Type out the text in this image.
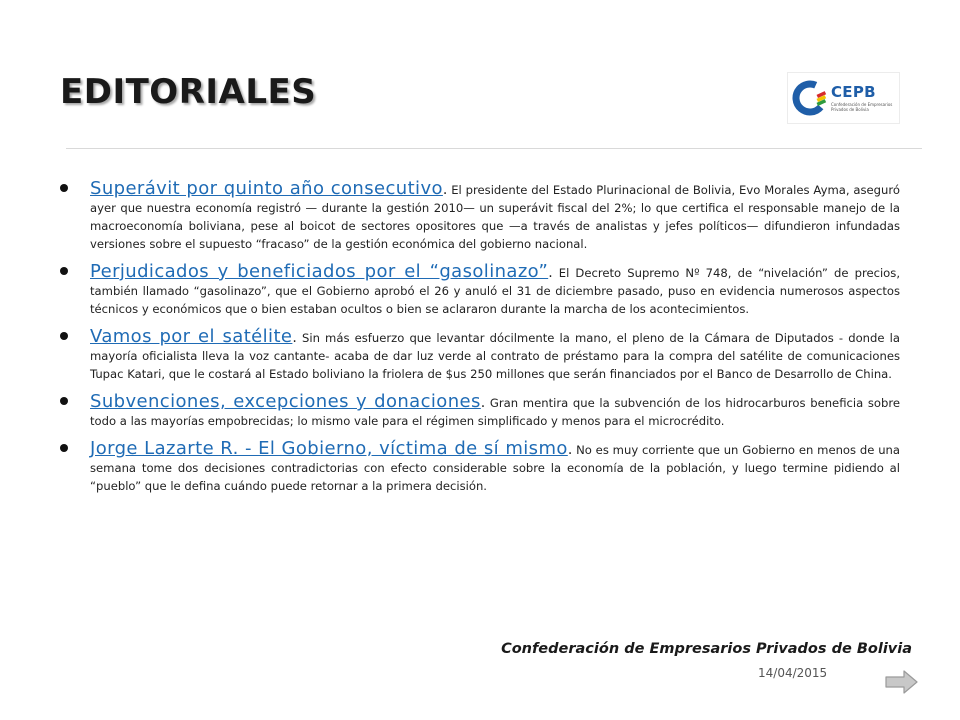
EDITORIALES	CEPB
Confederación de Empresarios Privados de Bolivia
Superávit por quinto año consecutivo. El presidente del Estado Plurinacional de Bolivia, Evo Morales Ayma, aseguró ayer que nuestra economía registró — durante la gestión 2010— un superávit fiscal del 2%; lo que certifica el responsable manejo de la macroeconomía boliviana, pese al boicot de sectores opositores que —a través de analistas y jefes políticos— difundieron infundadas versiones sobre el supuesto “fracaso” de la gestión económica del gobierno nacional.
Perjudicados y beneficiados por el “gasolinazo”. El Decreto Supremo Nº 748, de “nivelación” de precios, también llamado “gasolinazo”, que el Gobierno aprobó el 26 y anuló el 31 de diciembre pasado, puso en evidencia numerosos aspectos técnicos y económicos que o bien estaban ocultos o bien se aclararon durante la marcha de los acontecimientos.
Vamos por el satélite. Sin más esfuerzo que levantar dócilmente la mano, el pleno de la Cámara de Diputados - donde la mayoría oficialista lleva la voz cantante- acaba de dar luz verde al contrato de préstamo para la compra del satélite de comunicaciones Tupac Katari, que le costará al Estado boliviano la friolera de $us 250 millones que serán financiados por el Banco de Desarrollo de China.
Subvenciones, excepciones y donaciones. Gran mentira que la subvención de los hidrocarburos beneficia sobre todo a las mayorías empobrecidas; lo mismo vale para el régimen simplificado y menos para el microcrédito.
Jorge Lazarte R. - El Gobierno, víctima de sí mismo. No es muy corriente que un Gobierno en menos de una semana tome dos decisiones contradictorias con efecto considerable sobre la economía de la población, y luego termine pidiendo al “pueblo” que le defina cuándo puede retornar a la primera decisión.

Confederación de Empresarios Privados de Bolivia

14/04/2015
